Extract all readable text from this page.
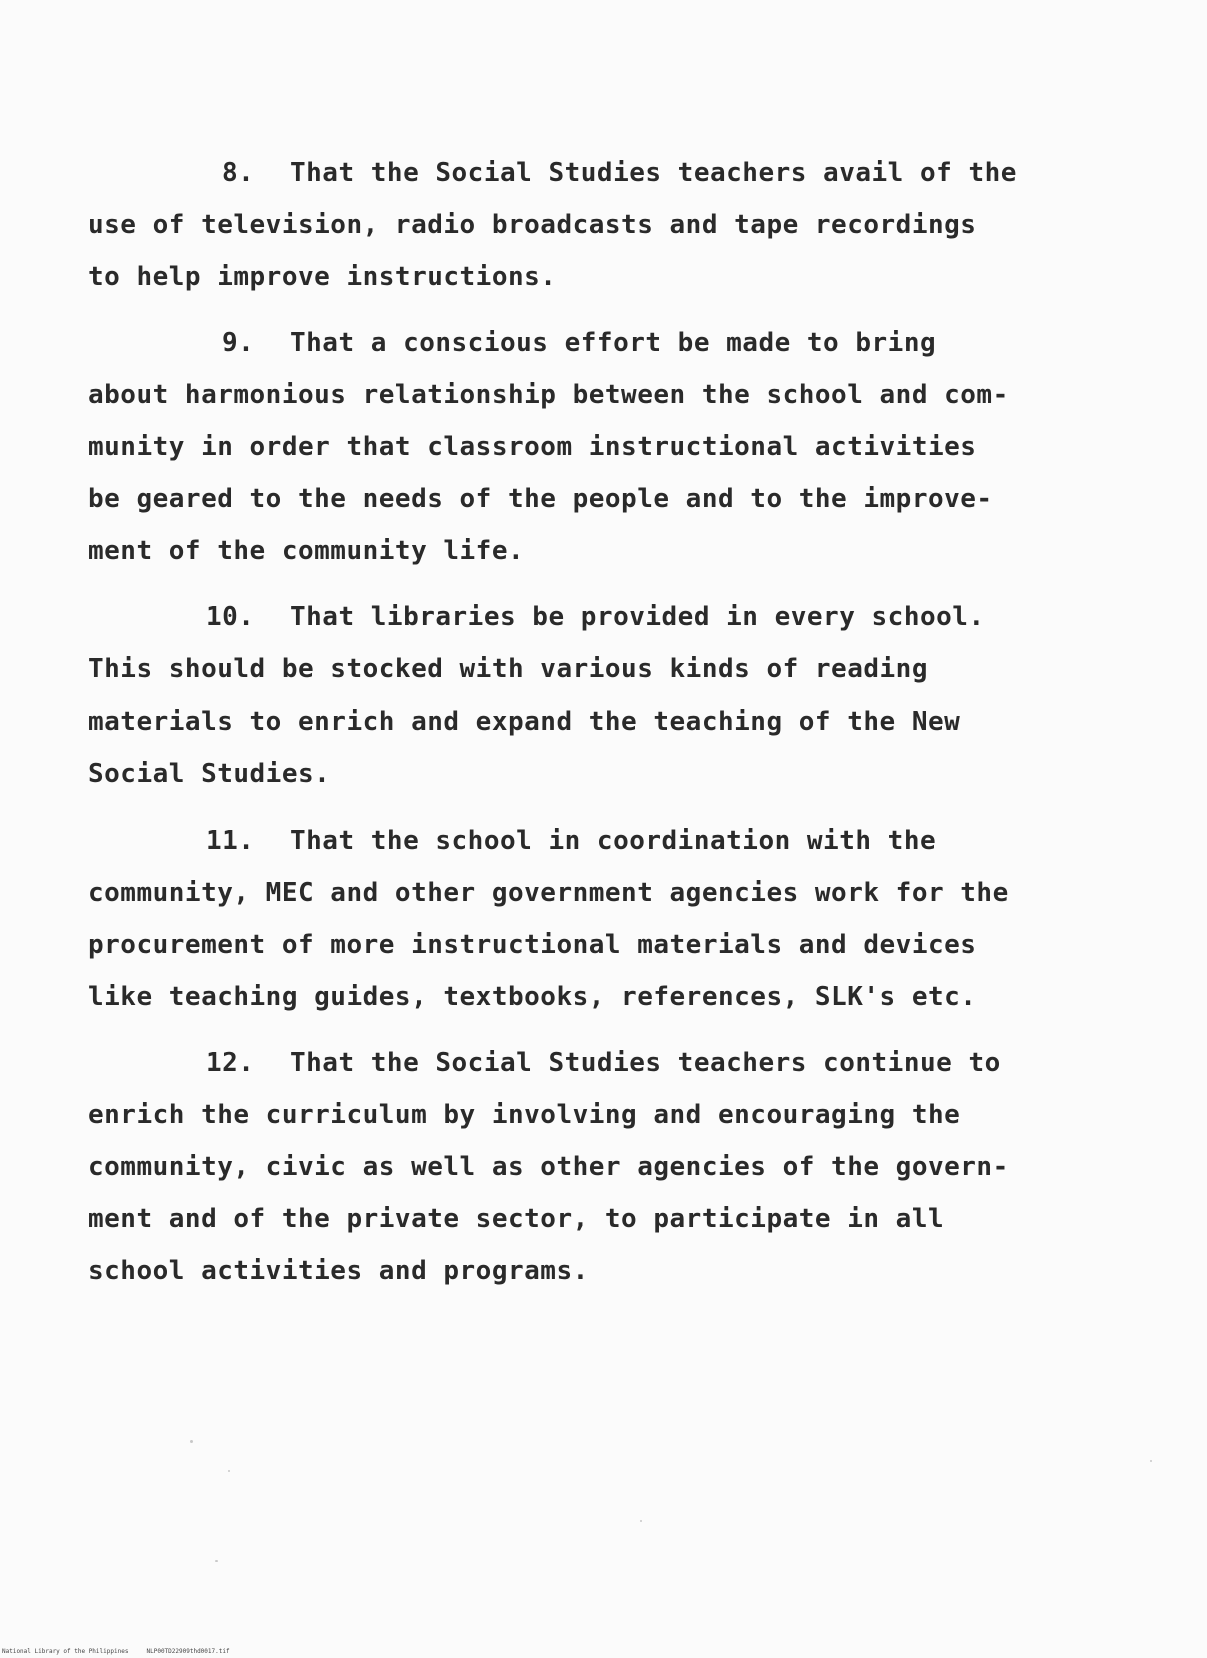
8. That the Social Studies teachers avail of the
use of television, radio broadcasts and tape recordings
to help improve instructions.
9. That a conscious effort be made to bring
about harmonious relationship between the school and com-
munity in order that classroom instructional activities
be geared to the needs of the people and to the improve-
ment of the community life.
10. That libraries be provided in every school.
This should be stocked with various kinds of reading
materials to enrich and expand the teaching of the New
Social Studies.
11. That the school in coordination with the
community, MEC and other government agencies work for the
procurement of more instructional materials and devices
like teaching guides, textbooks, references, SLK's etc.
12. That the Social Studies teachers continue to
enrich the curriculum by involving and encouraging the
community, civic as well as other agencies of the govern-
ment and of the private sector, to participate in all
school activities and programs.
National Library of the Philippines     NLP00TD22909thd0017.tif
